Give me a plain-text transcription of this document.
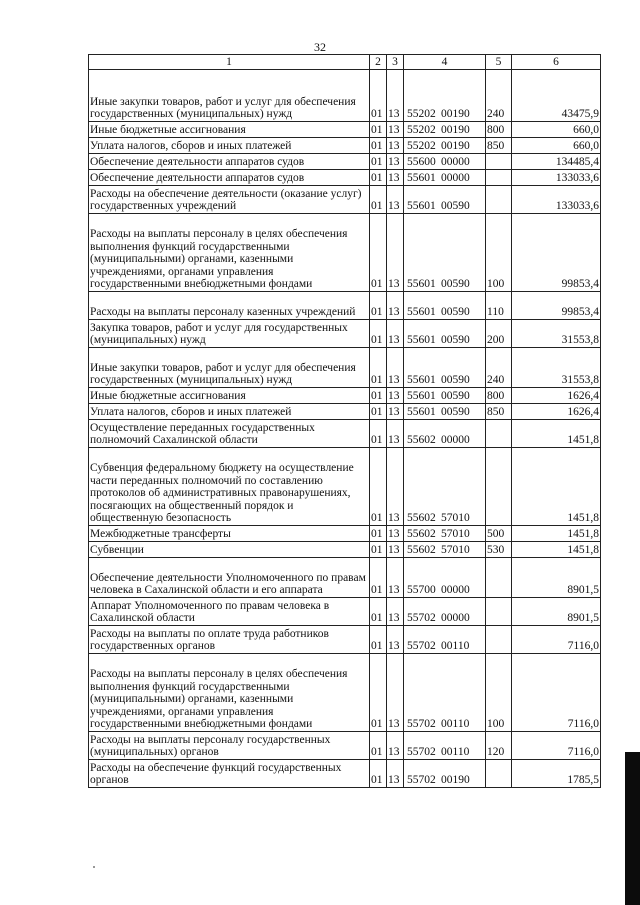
32
1	2	3	4	5	6
Иные закупки товаров, работ и услуг для обеспечения государственных (муниципальных) нужд	01	13	55202 00190	240	43475,9
Иные бюджетные ассигнования	01	13	55202 00190	800	660,0
Уплата налогов, сборов и иных платежей	01	13	55202 00190	850	660,0
Обеспечение деятельности аппаратов судов	01	13	55600 00000		134485,4
Обеспечение деятельности аппаратов судов	01	13	55601 00000		133033,6
Расходы на обеспечение деятельности (оказание услуг) государственных учреждений	01	13	55601 00590		133033,6
Расходы на выплаты персоналу в целях обеспечения выполнения функций государственными (муниципальными) органами, казенными учреждениями, органами управления государственными внебюджетными фондами	01	13	55601 00590	100	99853,4
Расходы на выплаты персоналу казенных учреждений	01	13	55601 00590	110	99853,4
Закупка товаров, работ и услуг для государственных (муниципальных) нужд	01	13	55601 00590	200	31553,8
Иные закупки товаров, работ и услуг для обеспечения государственных (муниципальных) нужд	01	13	55601 00590	240	31553,8
Иные бюджетные ассигнования	01	13	55601 00590	800	1626,4
Уплата налогов, сборов и иных платежей	01	13	55601 00590	850	1626,4
Осуществление переданных государственных полномочий Сахалинской области	01	13	55602 00000		1451,8
Субвенция федеральному бюджету на осуществление части переданных полномочий по составлению протоколов об административных правонарушениях, посягающих на общественный порядок и общественную безопасность	01	13	55602 57010		1451,8
Межбюджетные трансферты	01	13	55602 57010	500	1451,8
Субвенции	01	13	55602 57010	530	1451,8
Обеспечение деятельности Уполномоченного по правам человека в Сахалинской области и его аппарата	01	13	55700 00000		8901,5
Аппарат Уполномоченного по правам человека в Сахалинской области	01	13	55702 00000		8901,5
Расходы на выплаты по оплате труда работников государственных органов	01	13	55702 00110		7116,0
Расходы на выплаты персоналу в целях обеспечения выполнения функций государственными (муниципальными) органами, казенными учреждениями, органами управления государственными внебюджетными фондами	01	13	55702 00110	100	7116,0
Расходы на выплаты персоналу государственных (муниципальных) органов	01	13	55702 00110	120	7116,0
Расходы на обеспечение функций государственных органов	01	13	55702 00190		1785,5
